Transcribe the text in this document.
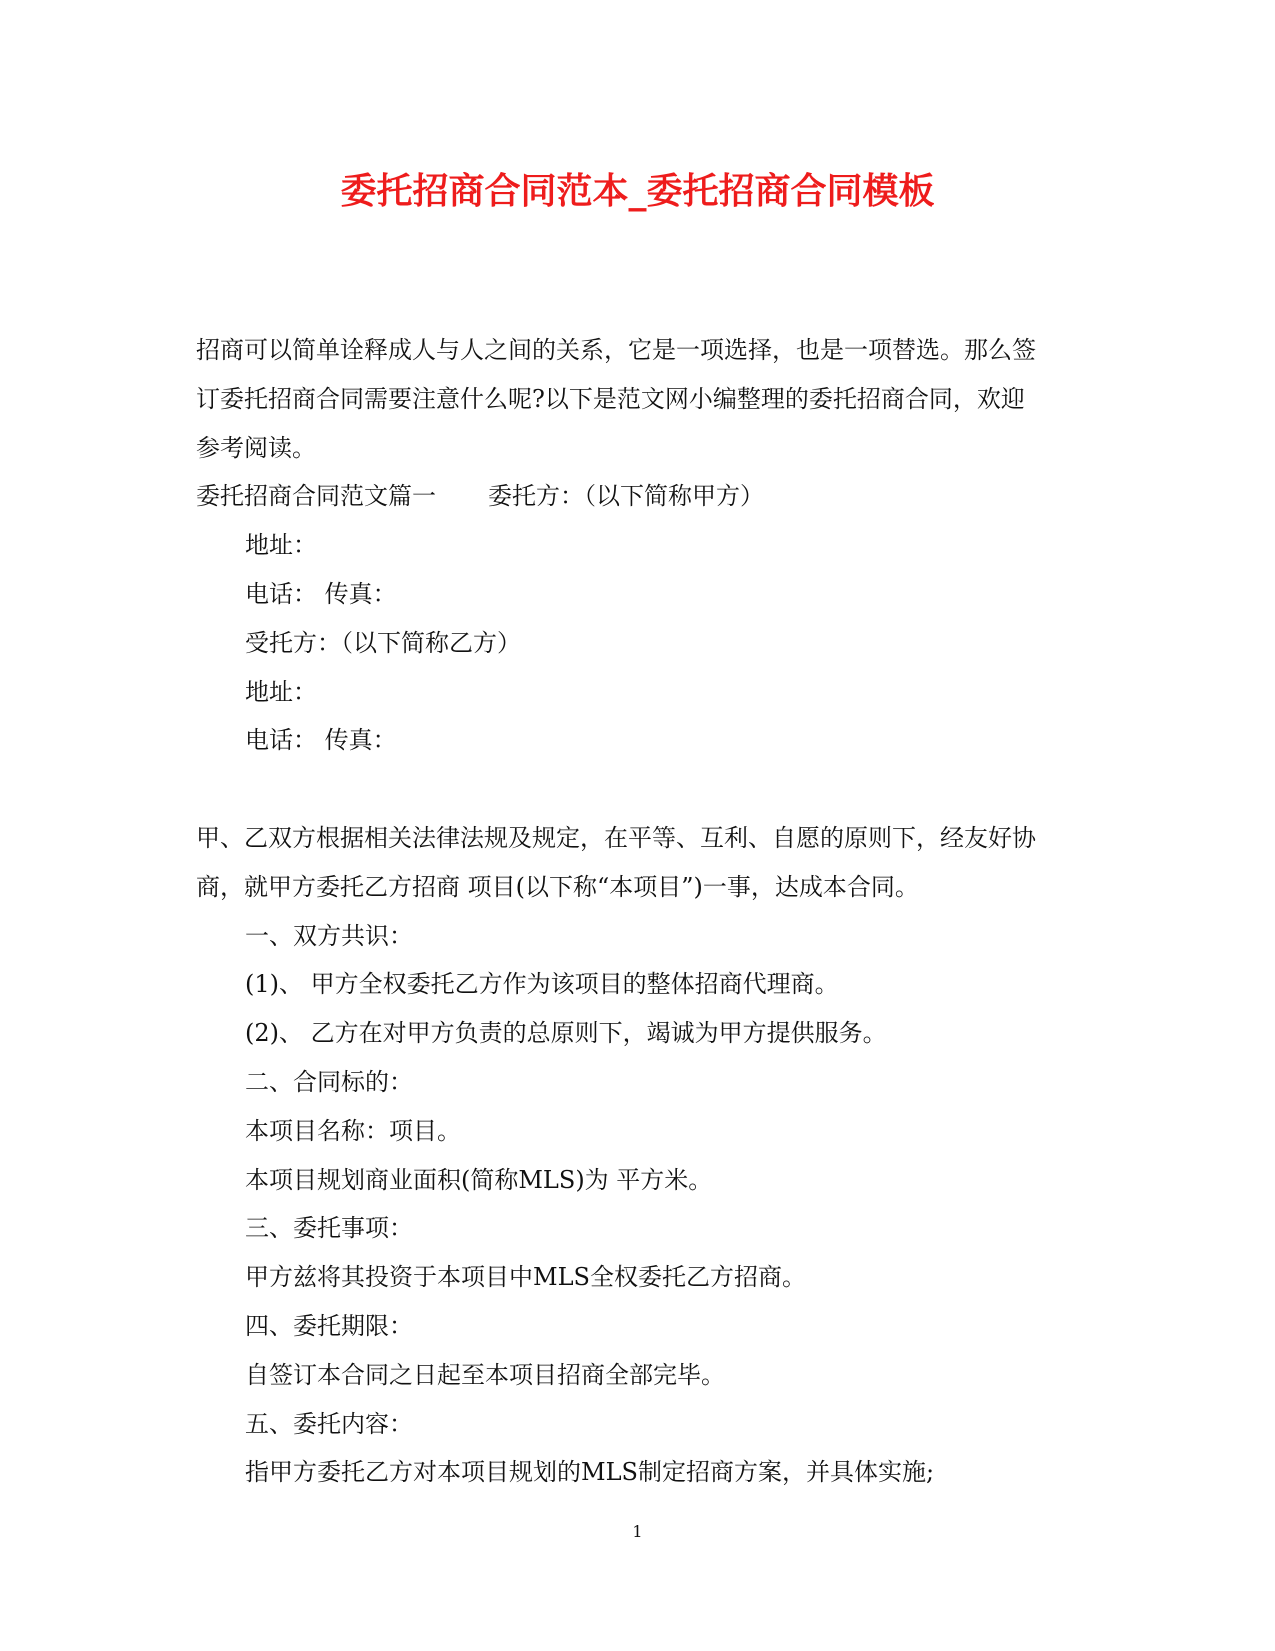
委托招商合同范本_委托招商合同模板
招商可以简单诠释成人与人之间的关系，它是一项选择，也是一项替选。那么签
订委托招商合同需要注意什么呢?以下是范文网小编整理的委托招商合同，欢迎
参考阅读。
委托招商合同范文篇一 委托方：（以下简称甲方）
地址：
电话： 传真：
受托方：（以下简称乙方）
地址：
电话： 传真：
甲、乙双方根据相关法律法规及规定，在平等、互利、自愿的原则下，经友好协
商，就甲方委托乙方招商 项目(以下称“本项目”)一事，达成本合同。
一、双方共识：
(1)、 甲方全权委托乙方作为该项目的整体招商代理商。
(2)、 乙方在对甲方负责的总原则下，竭诚为甲方提供服务。
二、合同标的：
本项目名称：项目。
本项目规划商业面积(简称MLS)为 平方米。
三、委托事项：
甲方兹将其投资于本项目中MLS全权委托乙方招商。
四、委托期限：
自签订本合同之日起至本项目招商全部完毕。
五、委托内容：
指甲方委托乙方对本项目规划的MLS制定招商方案，并具体实施;
1
